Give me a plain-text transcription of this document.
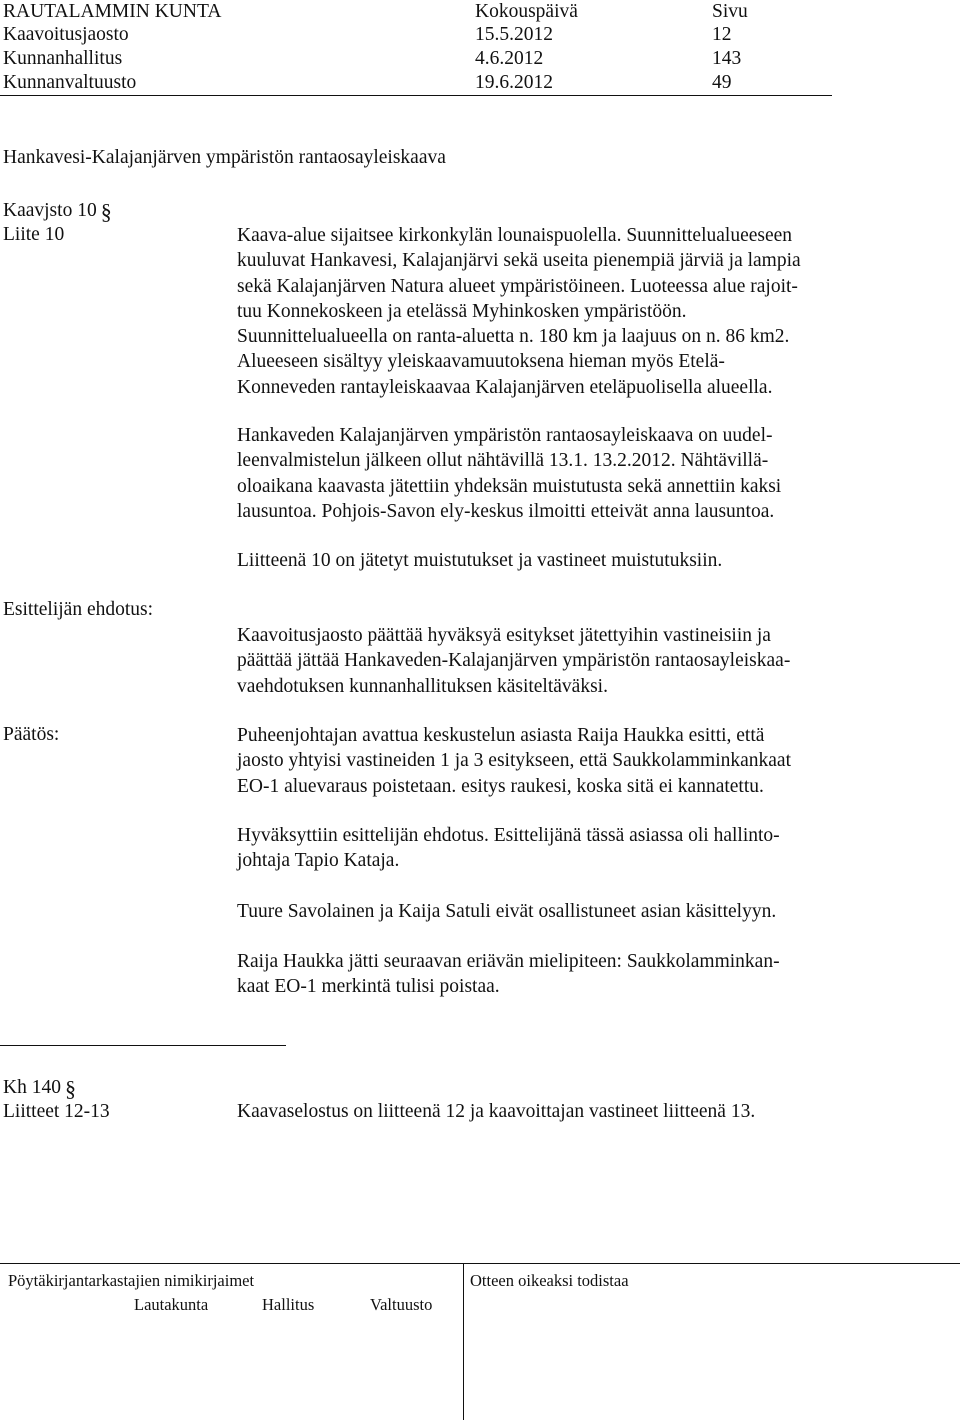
RAUTALAMMIN KUNTA	Kokouspäivä	Sivu
Kaavoitusjaosto	15.5.2012	12
Kunnanhallitus	4.6.2012	143
Kunnanvaltuusto	19.6.2012	49
Hankavesi-Kalajanjärven ympäristön rantaosayleiskaava
Kaavjsto 10 §
Liite 10	Kaava-alue sijaitsee kirkonkylän lounaispuolella. Suunnittelualueeseen
kuuluvat Hankavesi, Kalajanjärvi sekä useita pienempiä järviä ja lampia
sekä Kalajanjärven Natura alueet ympäristöineen. Luoteessa alue rajoit-
tuu Konnekoskeen ja etelässä Myhinkosken ympäristöön.
Suunnittelualueella on ranta-aluetta n. 180 km ja laajuus on n. 86 km2.
Alueeseen sisältyy yleiskaavamuutoksena hieman myös Etelä-
Konneveden rantayleiskaavaa Kalajanjärven eteläpuolisella alueella.
Hankaveden Kalajanjärven ympäristön rantaosayleiskaava on uudel-
leenvalmistelun jälkeen ollut nähtävillä 13.1. 13.2.2012. Nähtävillä-
oloaikana kaavasta jätettiin yhdeksän muistutusta sekä annettiin kaksi
lausuntoa. Pohjois-Savon ely-keskus ilmoitti etteivät anna lausuntoa.
Liitteenä 10 on jätetyt muistutukset ja vastineet muistutuksiin.
Esittelijän ehdotus:
Kaavoitusjaosto päättää hyväksyä esitykset jätettyihin vastineisiin ja
päättää jättää Hankaveden-Kalajanjärven ympäristön rantaosayleiskaa-
vaehdotuksen kunnanhallituksen käsiteltäväksi.
Päätös:	Puheenjohtajan avattua keskustelun asiasta Raija Haukka esitti, että
jaosto yhtyisi vastineiden 1 ja 3 esitykseen, että Saukkolamminkankaat
EO-1 aluevaraus poistetaan. esitys raukesi, koska sitä ei kannatettu.
Hyväksyttiin esittelijän ehdotus. Esittelijänä tässä asiassa oli hallinto-
johtaja Tapio Kataja.
Tuure Savolainen ja Kaija Satuli eivät osallistuneet asian käsittelyyn.
Raija Haukka jätti seuraavan eriävän mielipiteen: Saukkolamminkan-
kaat EO-1 merkintä tulisi poistaa.
Kh 140 §
Liitteet 12-13	Kaavaselostus on liitteenä 12 ja kaavoittajan vastineet liitteenä 13.
Pöytäkirjantarkastajien nimikirjaimet
Lautakunta	Hallitus	Valtuusto
Otteen oikeaksi todistaa
